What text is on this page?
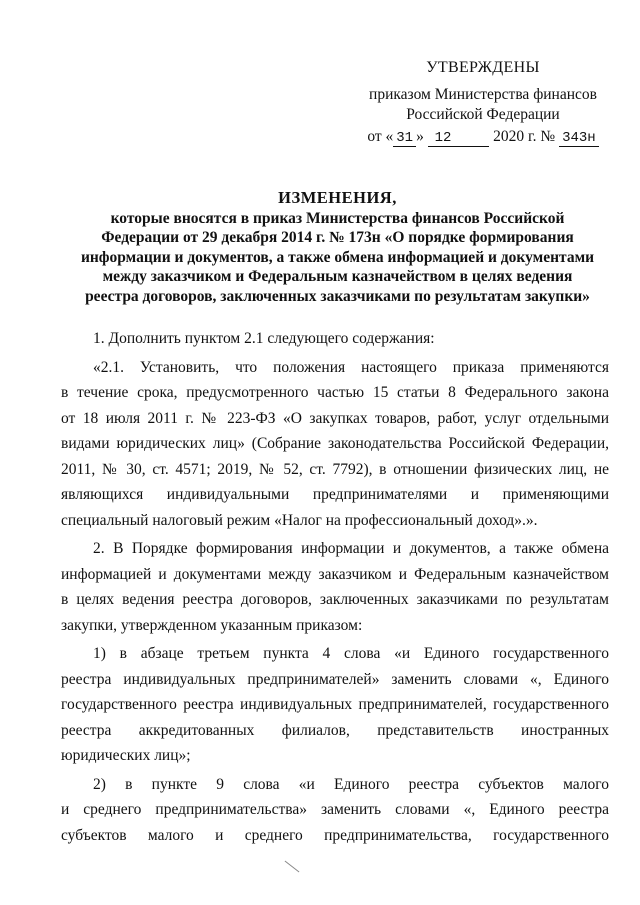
УТВЕРЖДЕНЫ
приказом Министерства финансов
Российской Федерации
от « 31 » 12	2020 г. № 343н
ИЗМЕНЕНИЯ,
которые вносятся в приказ Министерства финансов Российской
Федерации от 29 декабря 2014 г. № 173н «О порядке формирования
информации и документов, а также обмена информацией и документами
между заказчиком и Федеральным казначейством в целях ведения
реестра договоров, заключенных заказчиками по результатам закупки»

1. Дополнить пунктом 2.1 следующего содержания:

«2.1. Установить, что положения настоящего приказа применяются
в течение срока, предусмотренного частью 15 статьи 8 Федерального закона
от 18 июля 2011 г. № 223-ФЗ «О закупках товаров, работ, услуг отдельными
видами юридических лиц» (Собрание законодательства Российской Федерации,
2011, № 30, ст. 4571; 2019, № 52, ст. 7792), в отношении физических лиц, не
являющихся индивидуальными предпринимателями и применяющими
специальный налоговый режим «Налог на профессиональный доход».».

2. В Порядке формирования информации и документов, а также обмена
информацией и документами между заказчиком и Федеральным казначейством
в целях ведения реестра договоров, заключенных заказчиками по результатам
закупки, утвержденном указанным приказом:

1) в абзаце третьем пункта 4 слова «и Единого государственного
реестра индивидуальных предпринимателей» заменить словами «, Единого
государственного реестра индивидуальных предпринимателей, государственного
реестра аккредитованных филиалов, представительств иностранных
юридических лиц»;

2) в пункте 9 слова «и Единого реестра субъектов малого
и среднего предпринимательства» заменить словами «, Единого реестра
субъектов малого и среднего предпринимательства, государственного
